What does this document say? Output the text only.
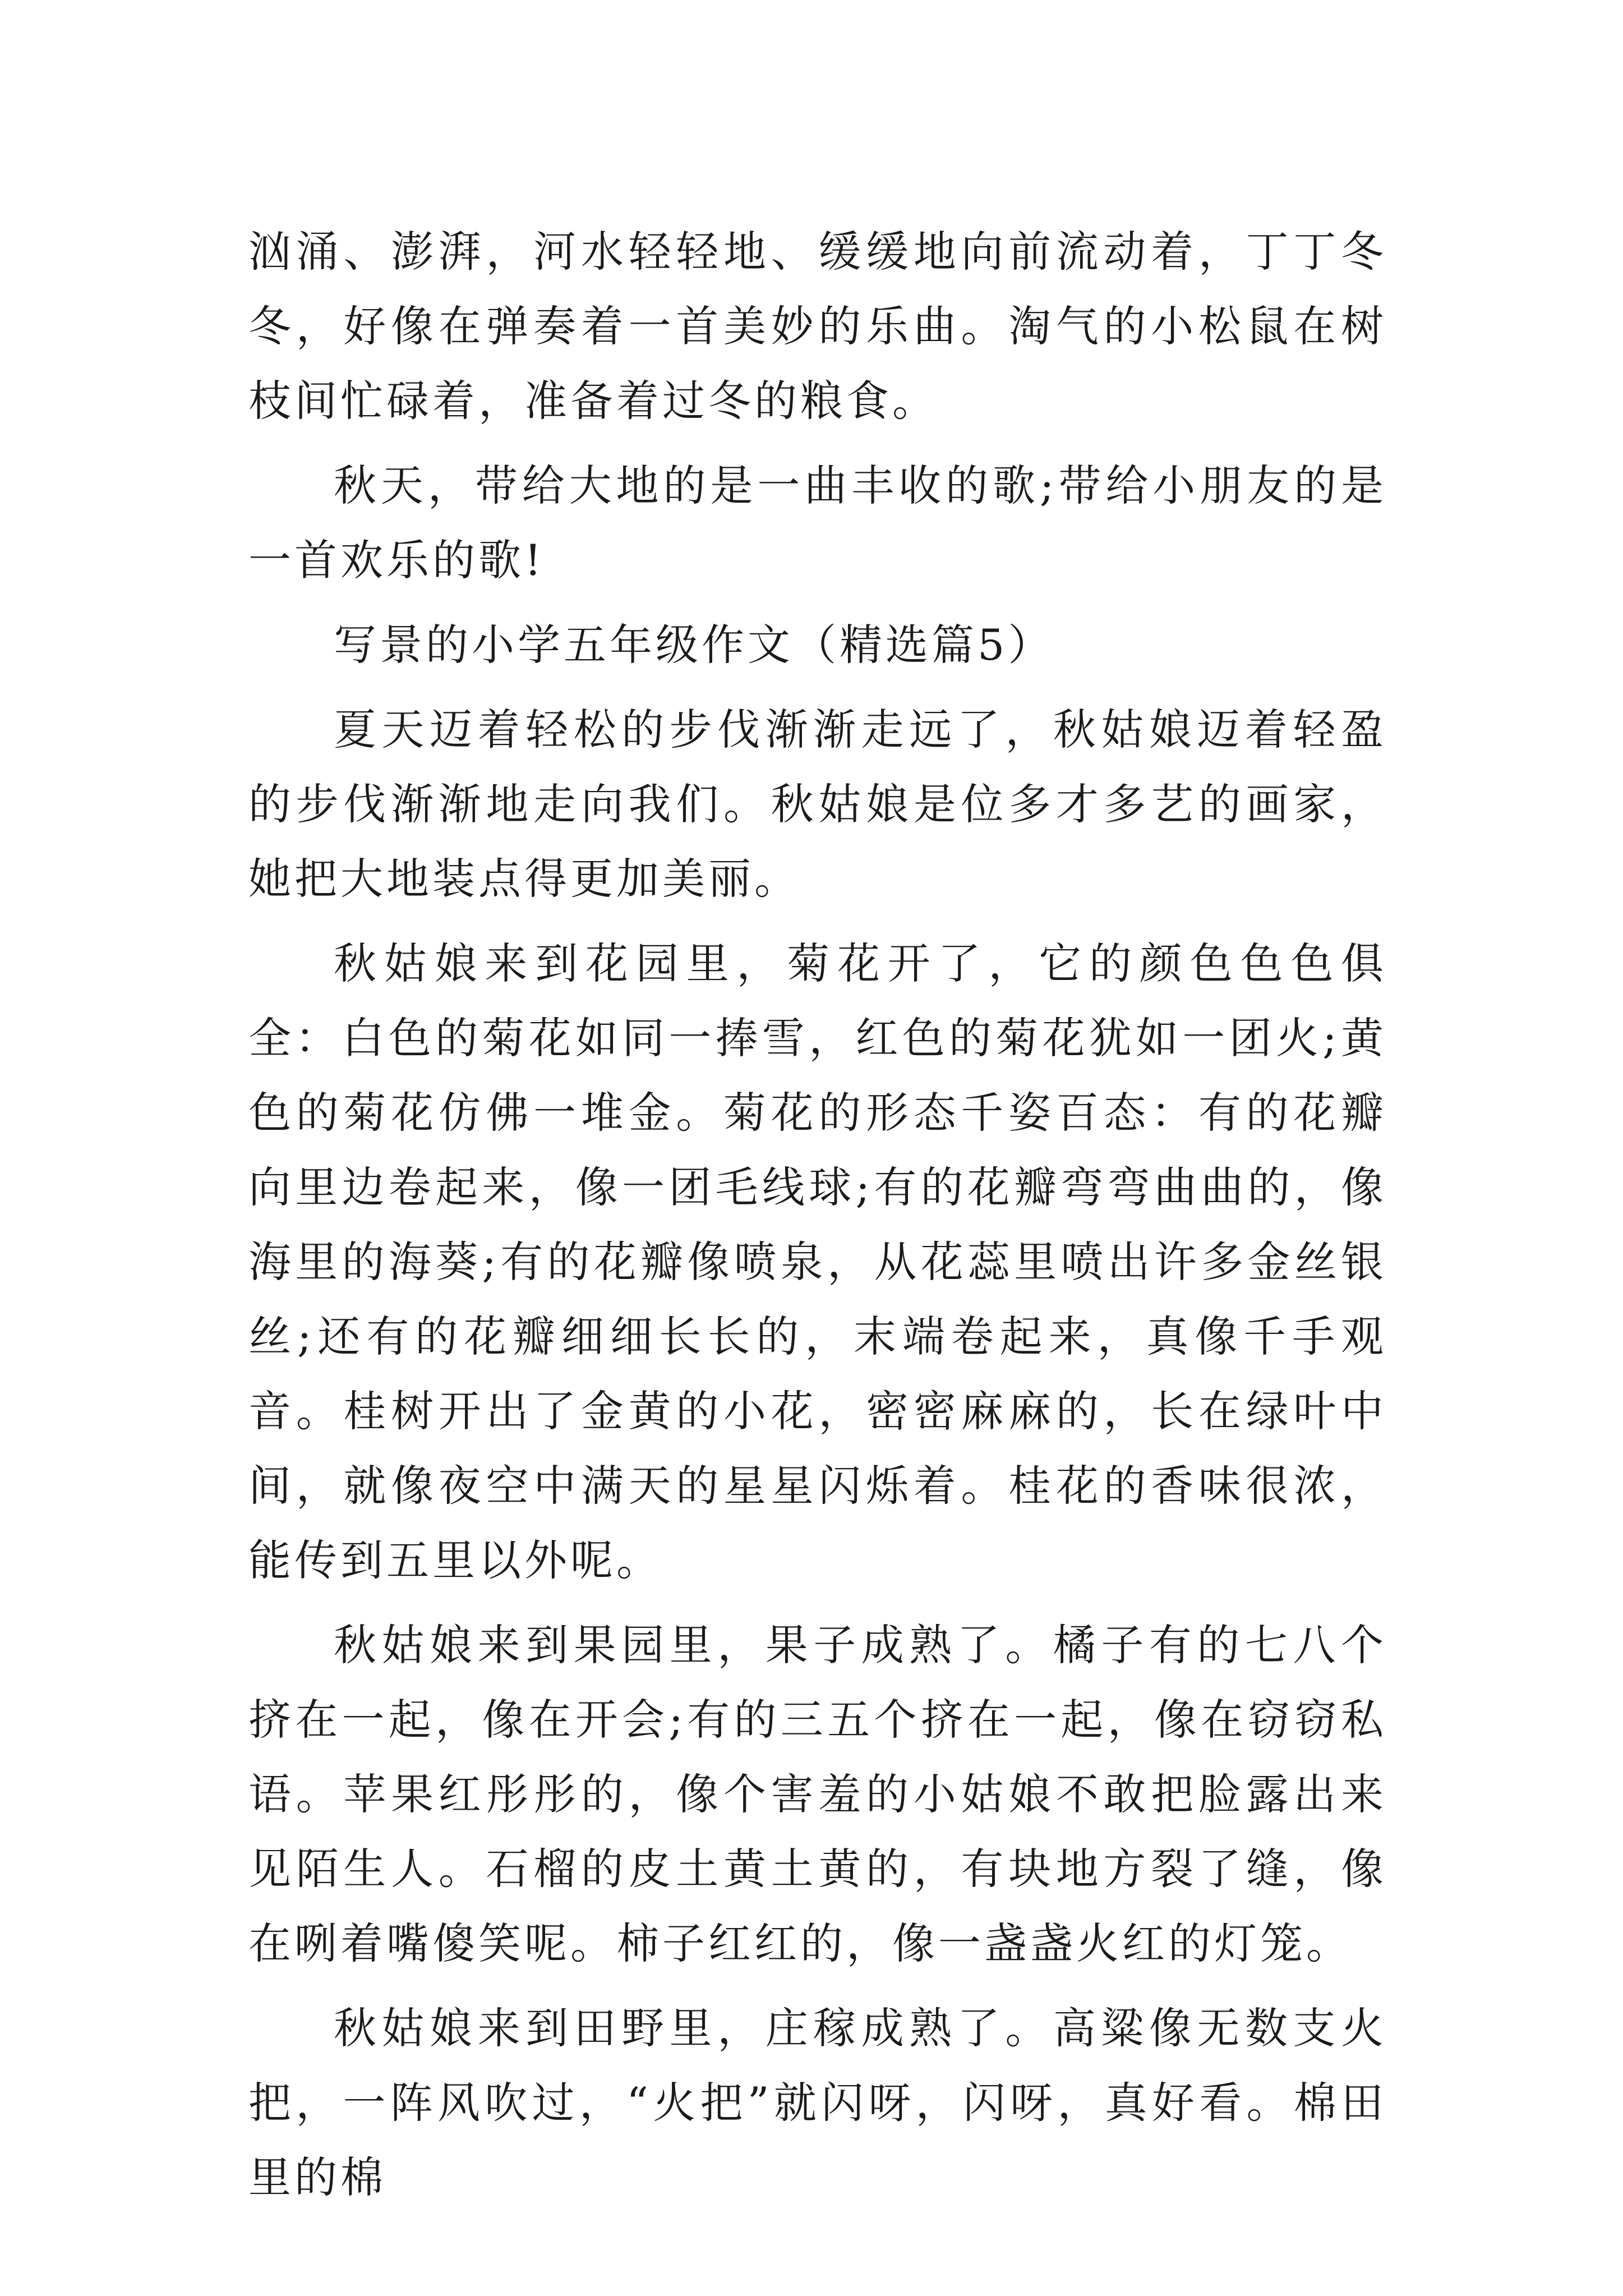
汹涌、澎湃，河水轻轻地、缓缓地向前流动着，丁丁冬冬，好像在弹奏着一首美妙的乐曲。淘气的小松鼠在树枝间忙碌着，准备着过冬的粮食。

秋天，带给大地的是一曲丰收的歌;带给小朋友的是一首欢乐的歌!

写景的小学五年级作文（精选篇5）

夏天迈着轻松的步伐渐渐走远了，秋姑娘迈着轻盈的步伐渐渐地走向我们。秋姑娘是位多才多艺的画家，她把大地装点得更加美丽。

秋姑娘来到花园里，菊花开了，它的颜色色色俱全：白色的菊花如同一捧雪，红色的菊花犹如一团火;黄色的菊花仿佛一堆金。菊花的形态千姿百态：有的花瓣向里边卷起来，像一团毛线球;有的花瓣弯弯曲曲的，像海里的海葵;有的花瓣像喷泉，从花蕊里喷出许多金丝银丝;还有的花瓣细细长长的，末端卷起来，真像千手观音。桂树开出了金黄的小花，密密麻麻的，长在绿叶中间，就像夜空中满天的星星闪烁着。桂花的香味很浓，能传到五里以外呢。

秋姑娘来到果园里，果子成熟了。橘子有的七八个挤在一起，像在开会;有的三五个挤在一起，像在窃窃私语。苹果红彤彤的，像个害羞的小姑娘不敢把脸露出来见陌生人。石榴的皮土黄土黄的，有块地方裂了缝，像在咧着嘴傻笑呢。柿子红红的，像一盏盏火红的灯笼。

秋姑娘来到田野里，庄稼成熟了。高粱像无数支火把，一阵风吹过，“火把”就闪呀，闪呀，真好看。棉田里的棉
